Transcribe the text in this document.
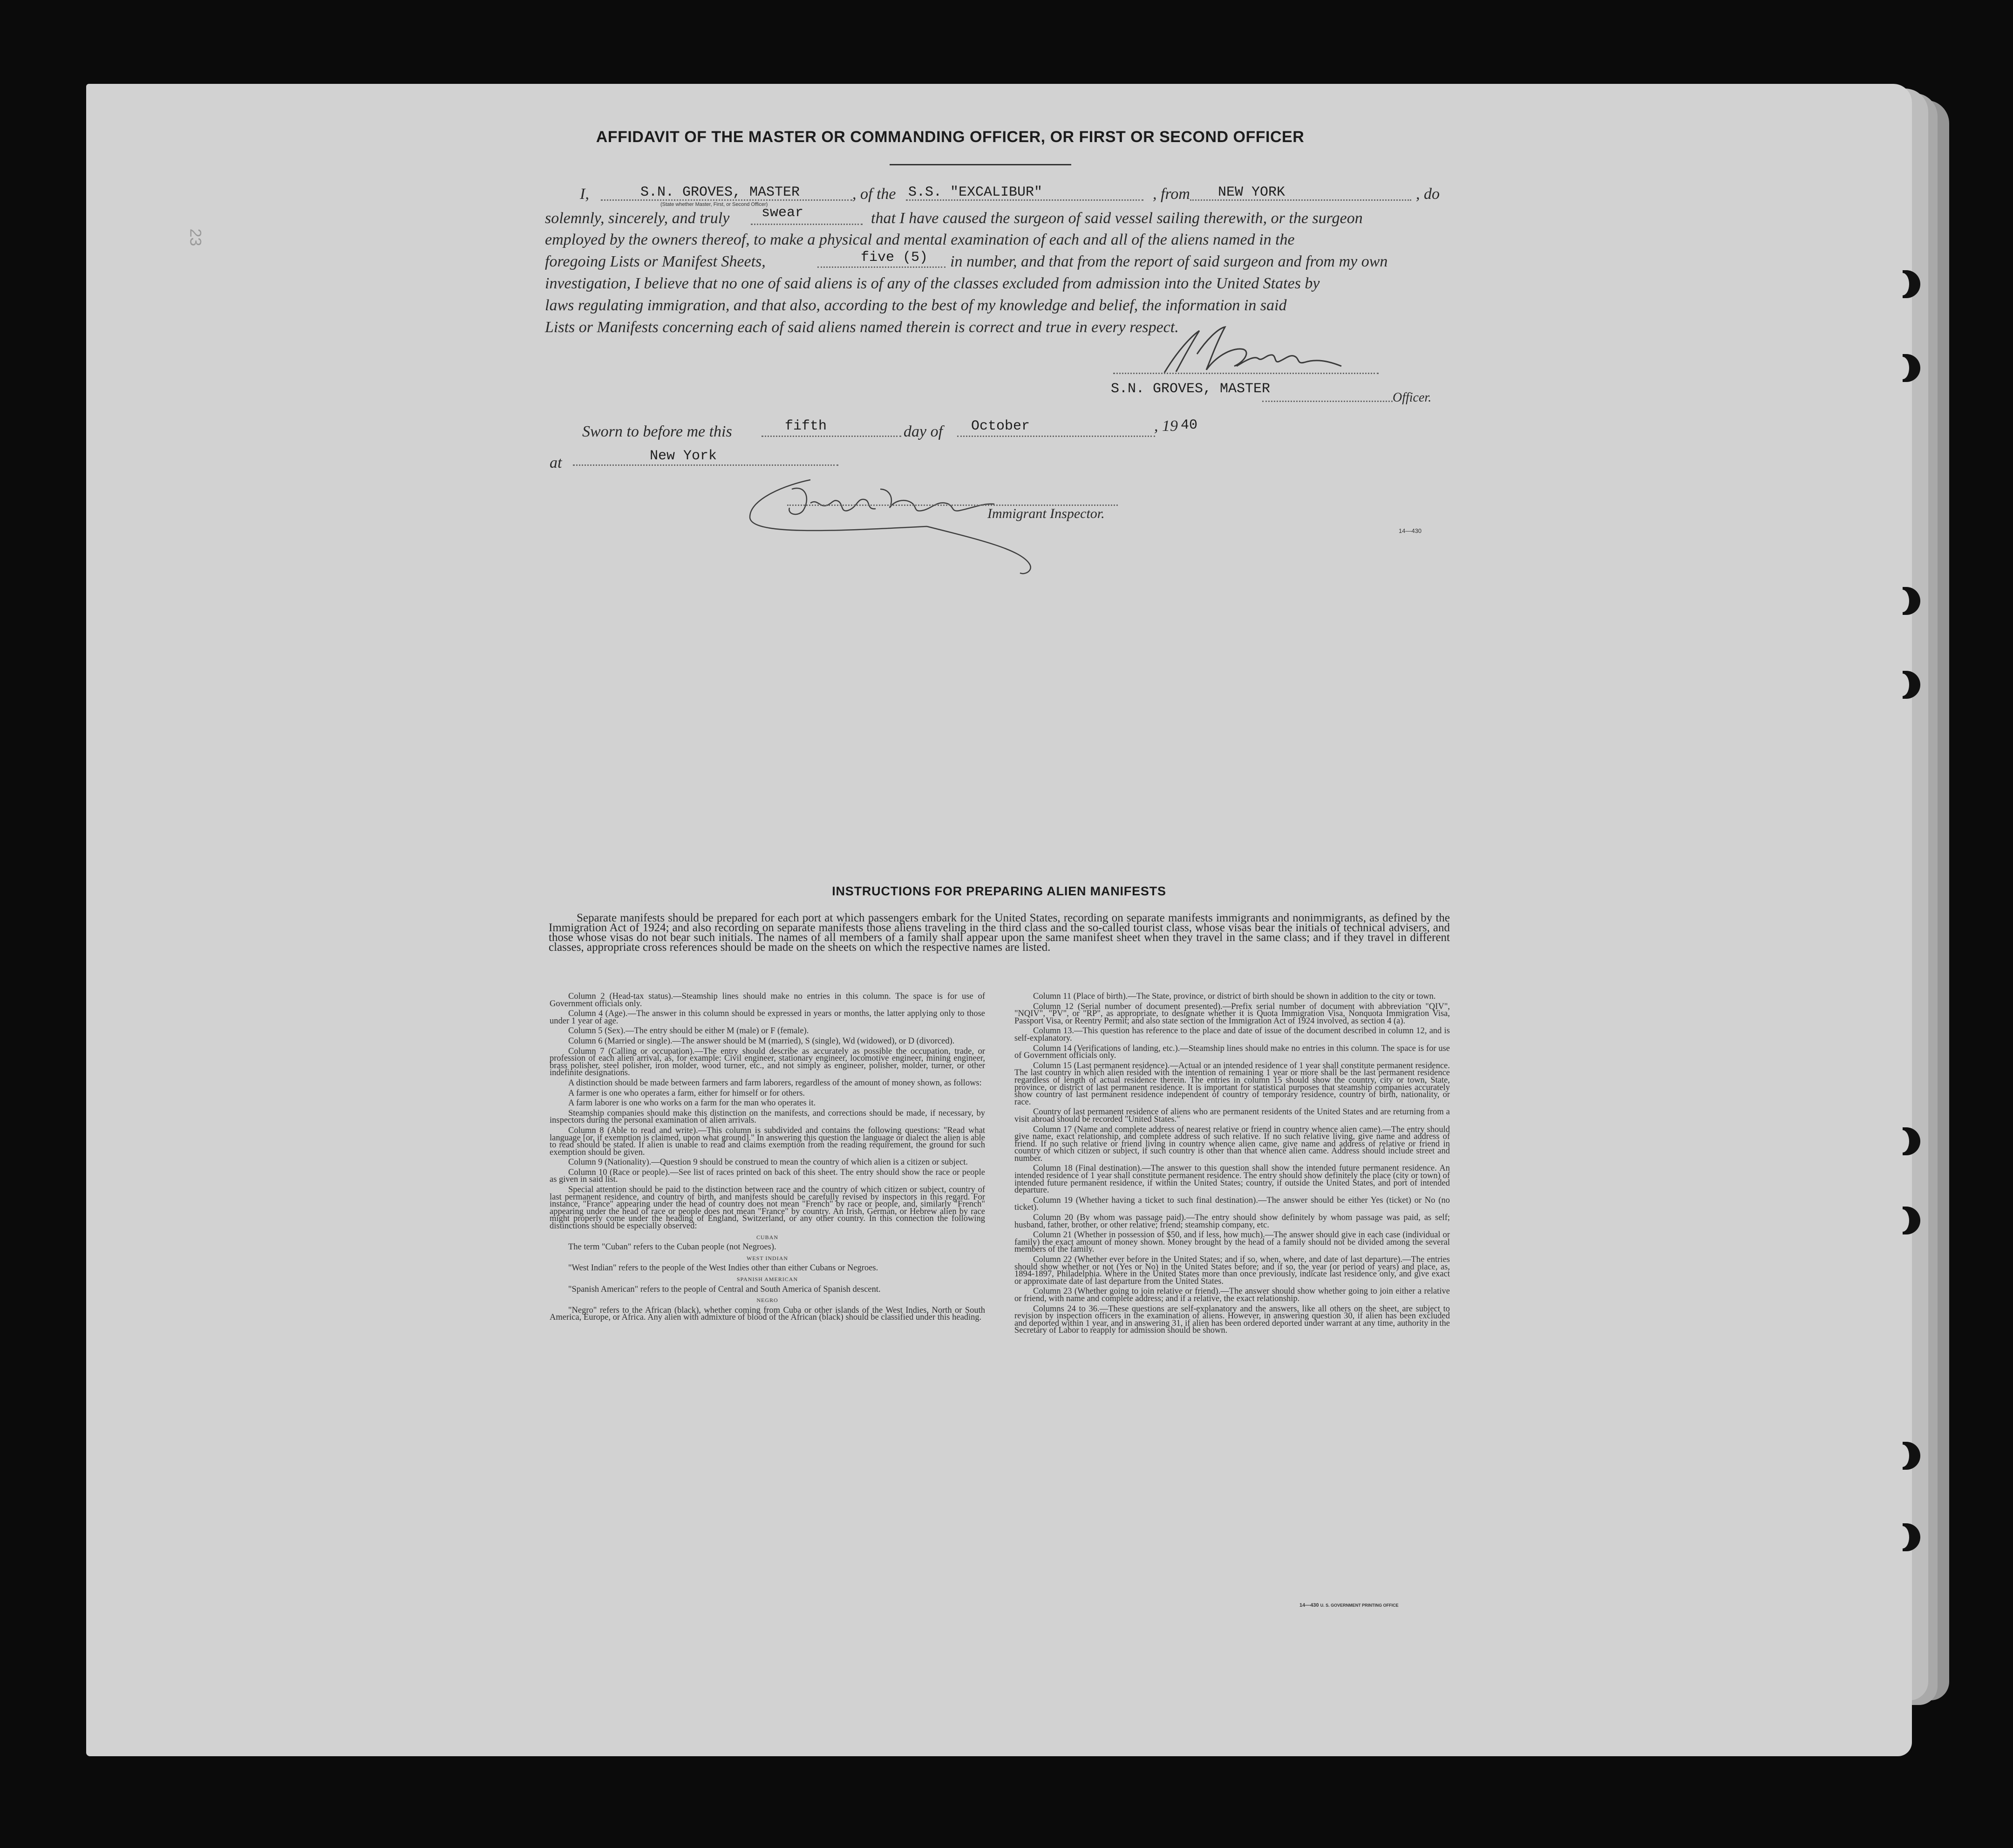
23
AFFIDAVIT OF THE MASTER OR COMMANDING OFFICER, OR FIRST OR SECOND OFFICER
I,	, of the	, from	, do
S.N. GROVES, MASTER
(State whether Master, First, or Second Officer)
S.S. "EXCALIBUR"	NEW YORK
solemnly, sincerely, and truly	that I have caused the surgeon of said vessel sailing therewith, or the surgeon
swear
employed by the owners thereof, to make a physical and mental examination of each and all of the aliens named in the
foregoing Lists or Manifest Sheets,	in number, and that from the report of said surgeon and from my own
five (5)
investigation, I believe that no one of said aliens is of any of the classes excluded from admission into the United States by
laws regulating immigration, and that also, according to the best of my knowledge and belief, the information in said
Lists or Manifests concerning each of said aliens named therein is correct and true in every respect.
S.N. GROVES, MASTER
Officer.
Sworn to before me this	fifth	day of October	, 19 40
at	New York
Immigrant Inspector.
14—430
INSTRUCTIONS FOR PREPARING ALIEN MANIFESTS
Separate manifests should be prepared for each port at which passengers embark for the United States, recording on separate manifests immigrants and nonimmigrants, as defined by the Immigration Act of 1924; and also recording on separate manifests those aliens traveling in the third class and the so-called tourist class, whose visas bear the initials of technical advisers, and those whose visas do not bear such initials. The names of all members of a family shall appear upon the same manifest sheet when they travel in the same class; and if they travel in different classes, appropriate cross references should be made on the sheets on which the respective names are listed.

Column 2 (Head-tax status).—Steamship lines should make no entries in this column. The space is for use of Government officials only.

Column 4 (Age).—The answer in this column should be expressed in years or months, the latter applying only to those under 1 year of age.

Column 5 (Sex).—The entry should be either M (male) or F (female).

Column 6 (Married or single).—The answer should be M (married), S (single), Wd (widowed), or D (divorced).

Column 7 (Calling or occupation).—The entry should describe as accurately as possible the occupation, trade, or profession of each alien arrival, as, for example: Civil engineer, stationary engineer, locomotive engineer, mining engineer, brass polisher, steel polisher, iron molder, wood turner, etc., and not simply as engineer, polisher, molder, turner, or other indefinite designations.

A distinction should be made between farmers and farm laborers, regardless of the amount of money shown, as follows:

A farmer is one who operates a farm, either for himself or for others.

A farm laborer is one who works on a farm for the man who operates it.

Steamship companies should make this distinction on the manifests, and corrections should be made, if necessary, by inspectors during the personal examination of alien arrivals.

Column 8 (Able to read and write).—This column is subdivided and contains the following questions: "Read what language [or, if exemption is claimed, upon what ground]." In answering this question the language or dialect the alien is able to read should be stated. If alien is unable to read and claims exemption from the reading requirement, the ground for such exemption should be given.

Column 9 (Nationality).—Question 9 should be construed to mean the country of which alien is a citizen or subject.

Column 10 (Race or people).—See list of races printed on back of this sheet. The entry should show the race or people as given in said list.

Special attention should be paid to the distinction between race and the country of which citizen or subject, country of last permanent residence, and country of birth, and manifests should be carefully revised by inspectors in this regard. For instance, "France" appearing under the head of country does not mean "French" by race or people, and, similarly "French" appearing under the head of race or people does not mean "France" by country. An Irish, German, or Hebrew alien by race might properly come under the heading of England, Switzerland, or any other country. In this connection the following distinctions should be especially observed:

CUBAN

The term "Cuban" refers to the Cuban people (not Negroes).

WEST INDIAN

"West Indian" refers to the people of the West Indies other than either Cubans or Negroes.

SPANISH AMERICAN

"Spanish American" refers to the people of Central and South America of Spanish descent.

NEGRO

"Negro" refers to the African (black), whether coming from Cuba or other islands of the West Indies, North or South America, Europe, or Africa. Any alien with admixture of blood of the African (black) should be classified under this heading.

Column 11 (Place of birth).—The State, province, or district of birth should be shown in addition to the city or town.

Column 12 (Serial number of document presented).—Prefix serial number of document with abbreviation "QIV", "NQIV", "PV", or "RP", as appropriate, to designate whether it is Quota Immigration Visa, Nonquota Immigration Visa, Passport Visa, or Reentry Permit; and also state section of the Immigration Act of 1924 involved, as section 4 (a).

Column 13.—This question has reference to the place and date of issue of the document described in column 12, and is self-explanatory.

Column 14 (Verifications of landing, etc.).—Steamship lines should make no entries in this column. The space is for use of Government officials only.

Column 15 (Last permanent residence).—Actual or an intended residence of 1 year shall constitute permanent residence. The last country in which alien resided with the intention of remaining 1 year or more shall be the last permanent residence regardless of length of actual residence therein. The entries in column 15 should show the country, city or town, State, province, or district of last permanent residence. It is important for statistical purposes that steamship companies accurately show country of last permanent residence independent of country of temporary residence, country of birth, nationality, or race.

Country of last permanent residence of aliens who are permanent residents of the United States and are returning from a visit abroad should be recorded "United States."

Column 17 (Name and complete address of nearest relative or friend in country whence alien came).—The entry should give name, exact relationship, and complete address of such relative. If no such relative living, give name and address of friend. If no such relative or friend living in country whence alien came, give name and address of relative or friend in country of which citizen or subject, if such country is other than that whence alien came. Address should include street and number.

Column 18 (Final destination).—The answer to this question shall show the intended future permanent residence. An intended residence of 1 year shall constitute permanent residence. The entry should show definitely the place (city or town) of intended future permanent residence, if within the United States; country, if outside the United States, and port of intended departure.

Column 19 (Whether having a ticket to such final destination).—The answer should be either Yes (ticket) or No (no ticket).

Column 20 (By whom was passage paid).—The entry should show definitely by whom passage was paid, as self; husband, father, brother, or other relative; friend; steamship company, etc.

Column 21 (Whether in possession of $50, and if less, how much).—The answer should give in each case (individual or family) the exact amount of money shown. Money brought by the head of a family should not be divided among the several members of the family.

Column 22 (Whether ever before in the United States; and if so, when, where, and date of last departure).—The entries should show whether or not (Yes or No) in the United States before; and if so, the year (or period of years) and place, as, 1894-1897, Philadelphia. Where in the United States more than once previously, indicate last residence only, and give exact or approximate date of last departure from the United States.

Column 23 (Whether going to join relative or friend).—The answer should show whether going to join either a relative or friend, with name and complete address; and if a relative, the exact relationship.

Columns 24 to 36.—These questions are self-explanatory and the answers, like all others on the sheet, are subject to revision by inspection officers in the examination of aliens. However, in answering question 30, if alien has been excluded and deported within 1 year, and in answering 31, if alien has been ordered deported under warrant at any time, authority in the Secretary of Labor to reapply for admission should be shown.

14—430 U. S. GOVERNMENT PRINTING OFFICE
